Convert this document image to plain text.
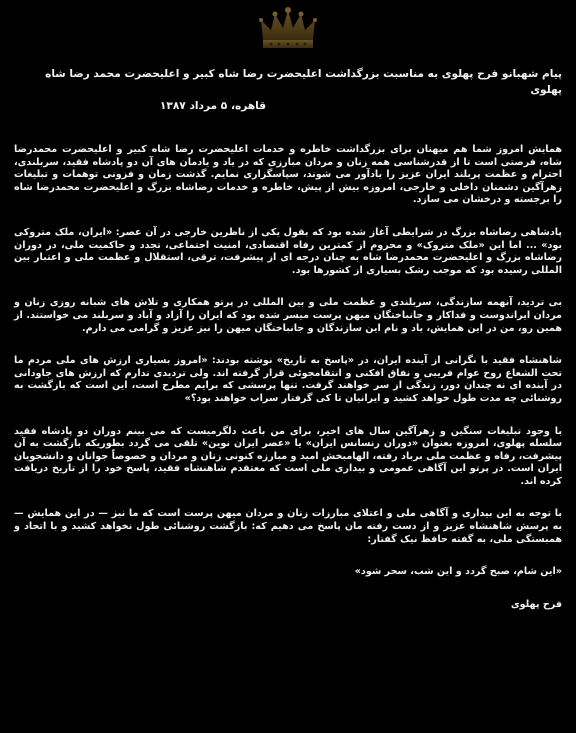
پیام شهبانو فرح پهلوی به مناسبت بزرگداشت اعلیحضرت رضا شاه کبیر و اعلیحضرت محمد رضا شاه پهلوی
قاهره، ۵ مرداد ۱۳۸۷

همایش امروز شما هم میهنان برای بزرگداشت خاطره و خدمات اعلیحضرت رضا شاه کبیر و اعلیحضرت محمدرضا شاه، فرصتی است تا از قدرشناسی همه زنان و مردان مبارزی که در یاد و یادمان های آن دو پادشاه فقید، سربلندی، احترام و عظمت پربلند ایران عزیز را یادآور می شوند، سپاسگزاری نمایم. گذشت زمان و فزونی توهمات و تبلیغات زهرآگین دشمنان داخلی و خارجی، امروزه بیش از پیش، خاطره و خدمات رضاشاه بزرگ و اعلیحضرت محمدرضا شاه را برجسته و درخشان می سازد.

پادشاهی رضاشاه بزرگ در شرایطی آغاز شده بود که بقول یکی از ناظرین خارجی در آن عصر: «ایران، ملک متروکی بود» ... اما این «ملک متروک» و محروم از کمترین رفاه اقتصادی، امنیت اجتماعی، تجدد و حاکمیت ملی، در دوران رضاشاه بزرگ و اعلیحضرت محمدرضا شاه به چنان درجه ای از پیشرفت، ترقی، استقلال و عظمت ملی و اعتبار بین المللی رسیده بود که موجب رشک بسیاری از کشورها بود.

بی تردید، آنهمه سازندگی، سربلندی و عظمت ملی و بین المللی در پرتو همکاری و تلاش های شبانه روزی زنان و مردان ایراندوست و فداکار و جانباختگان میهن پرست میسر شده بود که ایران را آزاد و آباد و سربلند می خواستند. از همین رو، من در این همایش، یاد و نام این سازندگان و جانباختگان میهن را نیز عزیز و گرامی می دارم.

شاهنشاه فقید با نگرانی از آینده ایران، در «پاسخ به تاریخ» نوشته بودند: «امروز بسیاری ارزش های ملی مردم ما تحت الشعاع روح عوام فریبی و نفاق افکنی و انتقامجوئی قرار گرفته اند. ولی تردیدی ندارم که ارزش های جاودانی در آینده ای نه چندان دور، زندگی از سر خواهند گرفت. تنها پرسشی که برایم مطرح است، این است که بازگشت به روشنائی چه مدت طول خواهد کشید و ایرانیان تا کی گرفتار سراب خواهند بود؟»

با وجود تبلیغات سنگین و زهرآگین سال های اخیر، برای من باعث دلگرمیست که می بینم دوران دو پادشاه فقید سلسله پهلوی، امروزه بعنوان «دوران رنسانس ایران» یا «عصر ایران نوین» تلقی می گردد بطوریکه بازگشت به آن پیشرفت، رفاه و عظمت ملی برباد رفته، الهامبخش امید و مبارزه کنونی زنان و مردان و خصوصاً جوانان و دانشجویان ایران است. در پرتو این آگاهی عمومی و بیداری ملی است که معتقدم شاهنشاه فقید، پاسخ خود را از تاریخ دریافت کرده اند.

با توجه به این بیداری و آگاهی ملی و اعتلای مبارزات زنان و مردان میهن پرست است که ما نیز — در این همایش — به پرسش شاهنشاه عزیز و از دست رفته مان پاسخ می دهیم که: بازگشت روشنائی طول نخواهد کشید و با اتحاد و همبستگی ملی، به گفته حافظ نیک گفتار:

«این شام، صبح گردد و این شب، سحر شود»

فرح پهلوی
